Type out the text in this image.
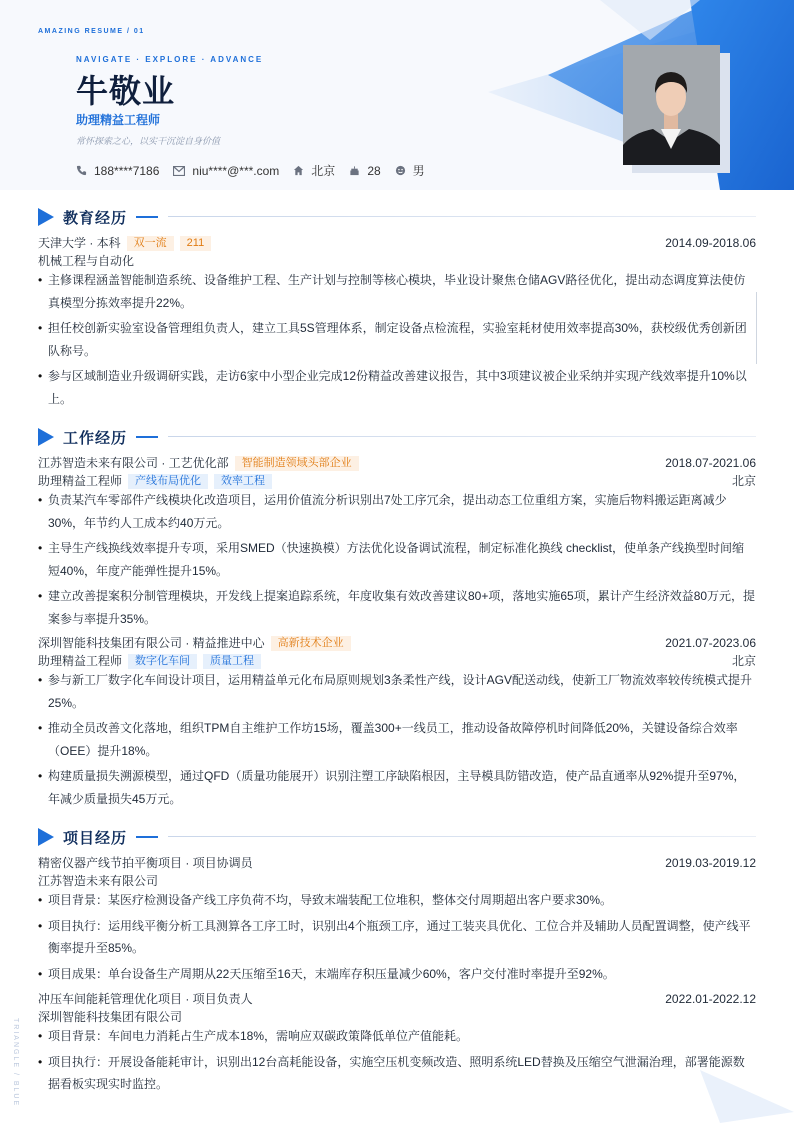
AMAZING RESUME / 01
NAVIGATE · EXPLORE · ADVANCE
牛敬业
助理精益工程师
常怀探索之心，以实干沉淀自身价值
188****7186	niu****@***.com	北京	28	男
教育经历
天津大学 · 本科	双一流	211	2014.09-2018.06
机械工程与自动化
• 主修课程涵盖智能制造系统、设备维护工程、生产计划与控制等核心模块，毕业设计聚焦仓储AGV路径优化，提出动态调度算法使仿真模型分拣效率提升22%。
• 担任校创新实验室设备管理组负责人，建立工具5S管理体系，制定设备点检流程，实验室耗材使用效率提高30%，获校级优秀创新团队称号。
• 参与区域制造业升级调研实践，走访6家中小型企业完成12份精益改善建议报告，其中3项建议被企业采纳并实现产线效率提升10%以上。
工作经历
江苏智造未来有限公司 · 工艺优化部	智能制造领域头部企业	2018.07-2021.06
助理精益工程师	产线布局优化	效率工程	北京
• 负责某汽车零部件产线模块化改造项目，运用价值流分析识别出7处工序冗余，提出动态工位重组方案，实施后物料搬运距离减少30%，年节约人工成本约40万元。
• 主导生产线换线效率提升专项，采用SMED（快速换模）方法优化设备调试流程，制定标准化换线 checklist，使单条产线换型时间缩短40%，年度产能弹性提升15%。
• 建立改善提案积分制管理模块，开发线上提案追踪系统，年度收集有效改善建议80+项，落地实施65项，累计产生经济效益80万元，提案参与率提升35%。
深圳智能科技集团有限公司 · 精益推进中心	高新技术企业	2021.07-2023.06
助理精益工程师	数字化车间	质量工程	北京
• 参与新工厂数字化车间设计项目，运用精益单元化布局原则规划3条柔性产线，设计AGV配送动线，使新工厂物流效率较传统模式提升25%。
• 推动全员改善文化落地，组织TPM自主维护工作坊15场，覆盖300+一线员工，推动设备故障停机时间降低20%，关键设备综合效率（OEE）提升18%。
• 构建质量损失溯源模型，通过QFD（质量功能展开）识别注塑工序缺陷根因，主导模具防错改造，使产品直通率从92%提升至97%，年减少质量损失45万元。
项目经历
精密仪器产线节拍平衡项目 · 项目协调员	2019.03-2019.12
江苏智造未来有限公司
• 项目背景：某医疗检测设备产线工序负荷不均，导致末端装配工位堆积，整体交付周期超出客户要求30%。
• 项目执行：运用线平衡分析工具测算各工序工时，识别出4个瓶颈工序，通过工装夹具优化、工位合并及辅助人员配置调整，使产线平衡率提升至85%。
• 项目成果：单台设备生产周期从22天压缩至16天，末端库存积压量减少60%，客户交付准时率提升至92%。
冲压车间能耗管理优化项目 · 项目负责人	2022.01-2022.12
深圳智能科技集团有限公司
• 项目背景：车间电力消耗占生产成本18%，需响应双碳政策降低单位产值能耗。
• 项目执行：开展设备能耗审计，识别出12台高耗能设备，实施空压机变频改造、照明系统LED替换及压缩空气泄漏治理，部署能源数据看板实现实时监控。
TRIANGLE / BLUE
